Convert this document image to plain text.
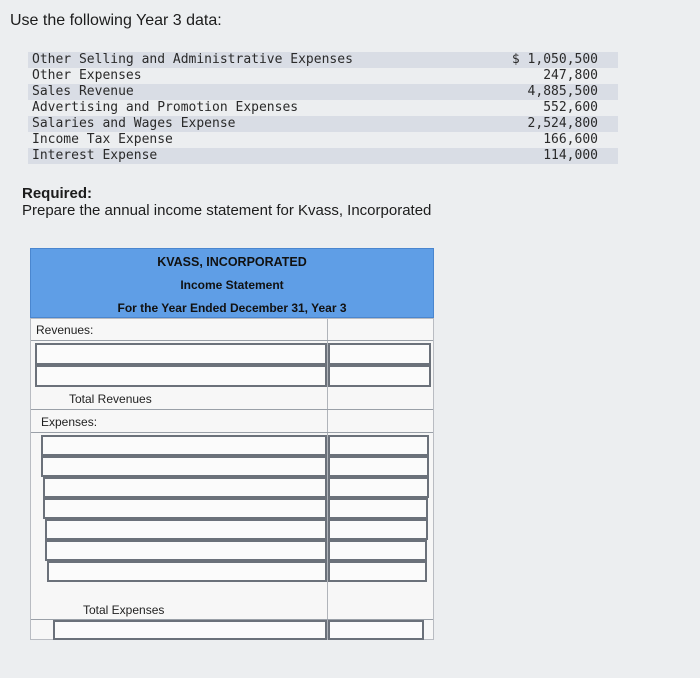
Use the following Year 3 data:
Other Selling and Administrative Expenses	$ 1,050,500
Other Expenses	247,800
Sales Revenue	4,885,500
Advertising and Promotion Expenses	552,600
Salaries and Wages Expense	2,524,800
Income Tax Expense	166,600
Interest Expense	114,000
Required:
Prepare the annual income statement for Kvass, Incorporated
KVASS, INCORPORATED
Income Statement
For the Year Ended December 31, Year 3
Revenues:
Total Revenues
Expenses:
Total Expenses
